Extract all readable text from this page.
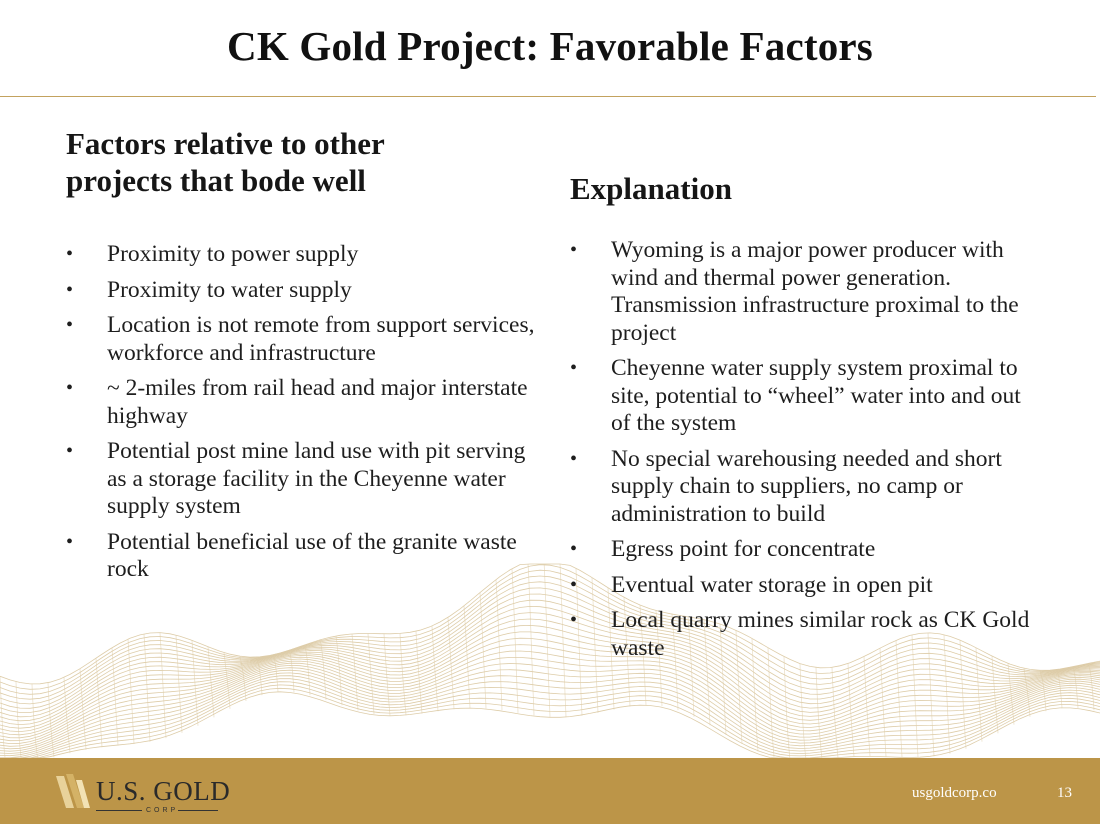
CK Gold Project: Favorable Factors
Factors relative to other projects that bode well
• Proximity to power supply
• Proximity to water supply
• Location is not remote from support services, workforce and infrastructure
• ~ 2-miles from rail head and major interstate highway
• Potential post mine land use with pit serving as a storage facility in the Cheyenne water supply system
• Potential beneficial use of the granite waste rock
Explanation
• Wyoming is a major power producer with wind and thermal power generation. Transmission infrastructure proximal to the project
• Cheyenne water supply system proximal to site, potential to “wheel” water into and out of the system
• No special warehousing needed and short supply chain to suppliers, no camp or administration to build
• Egress point for concentrate
• Eventual water storage in open pit
• Local quarry mines similar rock as CK Gold waste
U.S. GOLD
CORP
usgoldcorp.co	13
